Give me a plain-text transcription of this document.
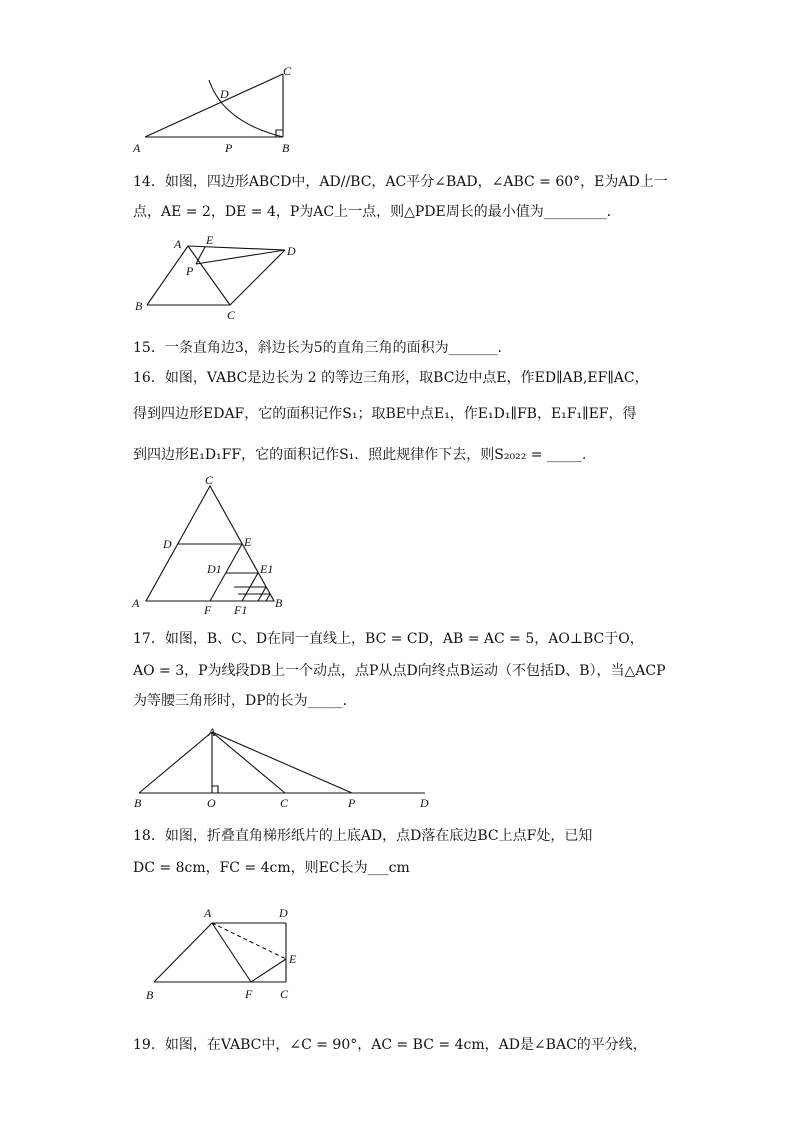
A	P	B
C
D
14．如图，四边形ABCD中，AD//BC，AC平分∠BAD，∠ABC = 60°，E为AD上一
点，AE = 2，DE = 4，P为AC上一点，则△PDE周长的最小值为_________．
A E
D
P
B
C
15．一条直角边3，斜边长为5的直角三角的面积为_______．
16．如图，VABC是边长为 2 的等边三角形，取BC边中点E，作ED∥AB,EF∥AC，
得到四边形EDAF，它的面积记作S₁；取BE中点E₁，作E₁D₁∥FB，E₁F₁∥EF，得
到四边形E₁D₁FF，它的面积记作S₁．照此规律作下去，则S₂₀₂₂ = _____．
C
D	E
D1	E1
A	F F1 B
17．如图，B、C、D在同一直线上，BC = CD，AB = AC = 5，AO⊥BC于O，
AO = 3，P为线段DB上一个动点，点P从点D向终点B运动（不包括D、B），当△ACP
为等腰三角形时，DP的长为_____．
A
B	O	C	P	D
18．如图，折叠直角梯形纸片的上底AD，点D落在底边BC上点F处，已知
DC = 8cm，FC = 4cm，则EC长为___cm
A	D
E
B	F C
19．如图，在VABC中，∠C = 90°，AC = BC = 4cm，AD是∠BAC的平分线，
